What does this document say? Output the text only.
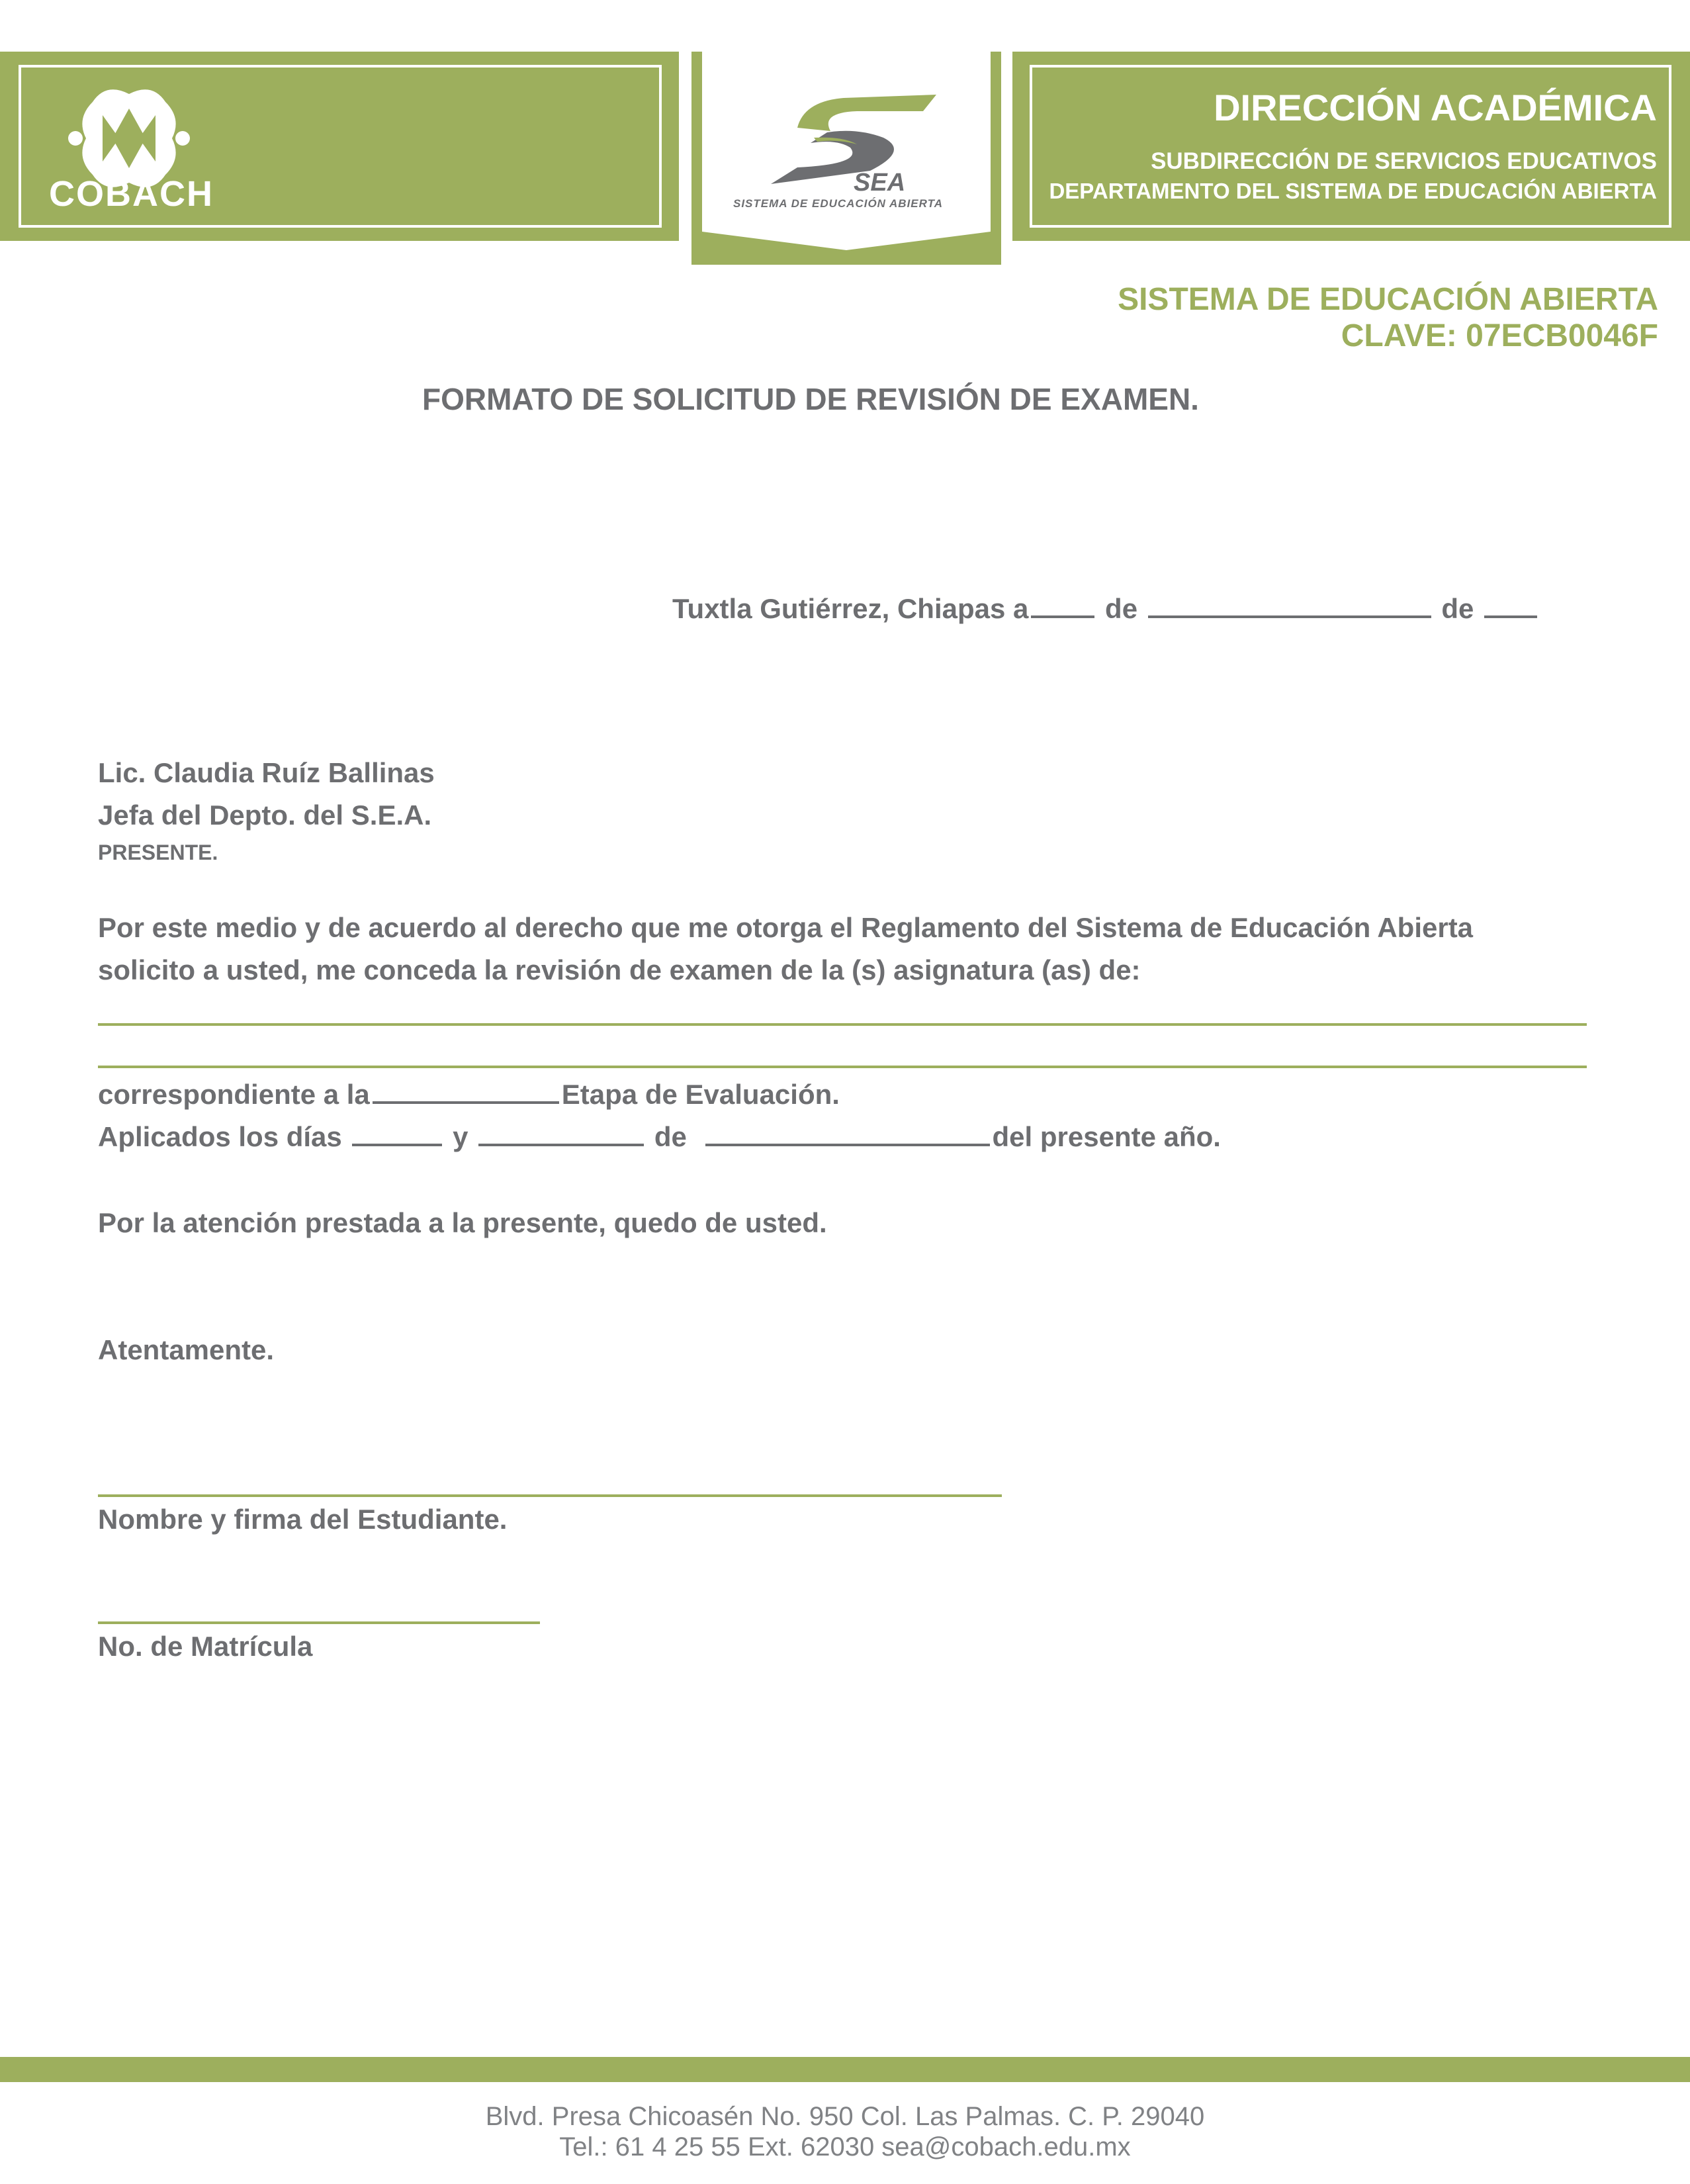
COBACH	SEA
SISTEMA DE EDUCACIÓN ABIERTA
DIRECCIÓN ACADÉMICA
SUBDIRECCIÓN DE SERVICIOS EDUCATIVOS
DEPARTAMENTO DEL SISTEMA DE EDUCACIÓN ABIERTA
SISTEMA DE EDUCACIÓN ABIERTA
CLAVE: 07ECB0046F
FORMATO DE SOLICITUD DE REVISIÓN DE EXAMEN.
Tuxtla Gutiérrez, Chiapas a	de	de
Lic. Claudia Ruíz Ballinas
Jefa del Depto. del S.E.A.
PRESENTE.
Por este medio y de acuerdo al derecho que me otorga el Reglamento del Sistema de Educación Abierta
solicito a usted, me conceda la revisión de examen de la (s) asignatura (as) de:
correspondiente a la	Etapa de Evaluación.
Aplicados los días	y	de	del presente año.
Por la atención prestada a la presente, quedo de usted.
Atentamente.
Nombre y firma del Estudiante.
No. de Matrícula
Blvd. Presa Chicoasén No. 950 Col. Las Palmas. C. P. 29040
Tel.: 61 4 25 55 Ext. 62030 sea@cobach.edu.mx
